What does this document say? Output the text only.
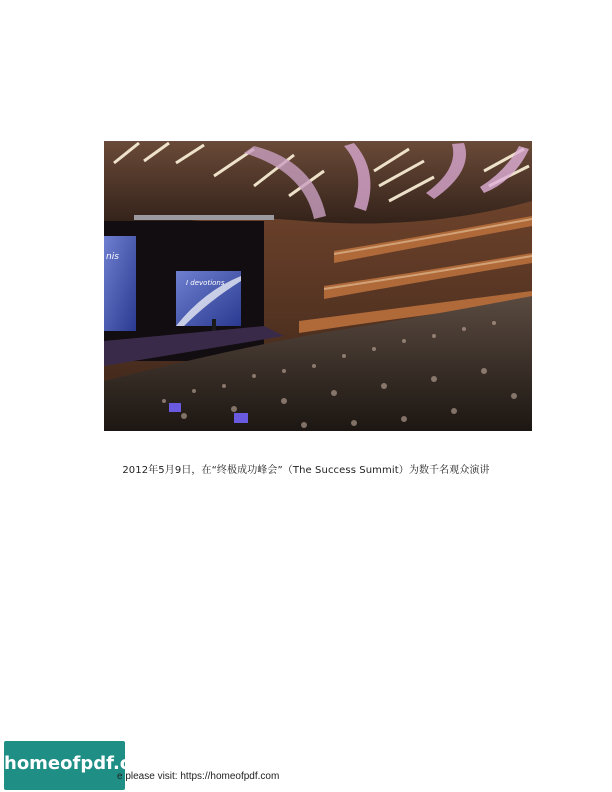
nis
I devotions
2012年5月9日，在“终极成功峰会”（The Success Summit）为数千名观众演讲
homeofpdf.com
e please visit: https://homeofpdf.com
